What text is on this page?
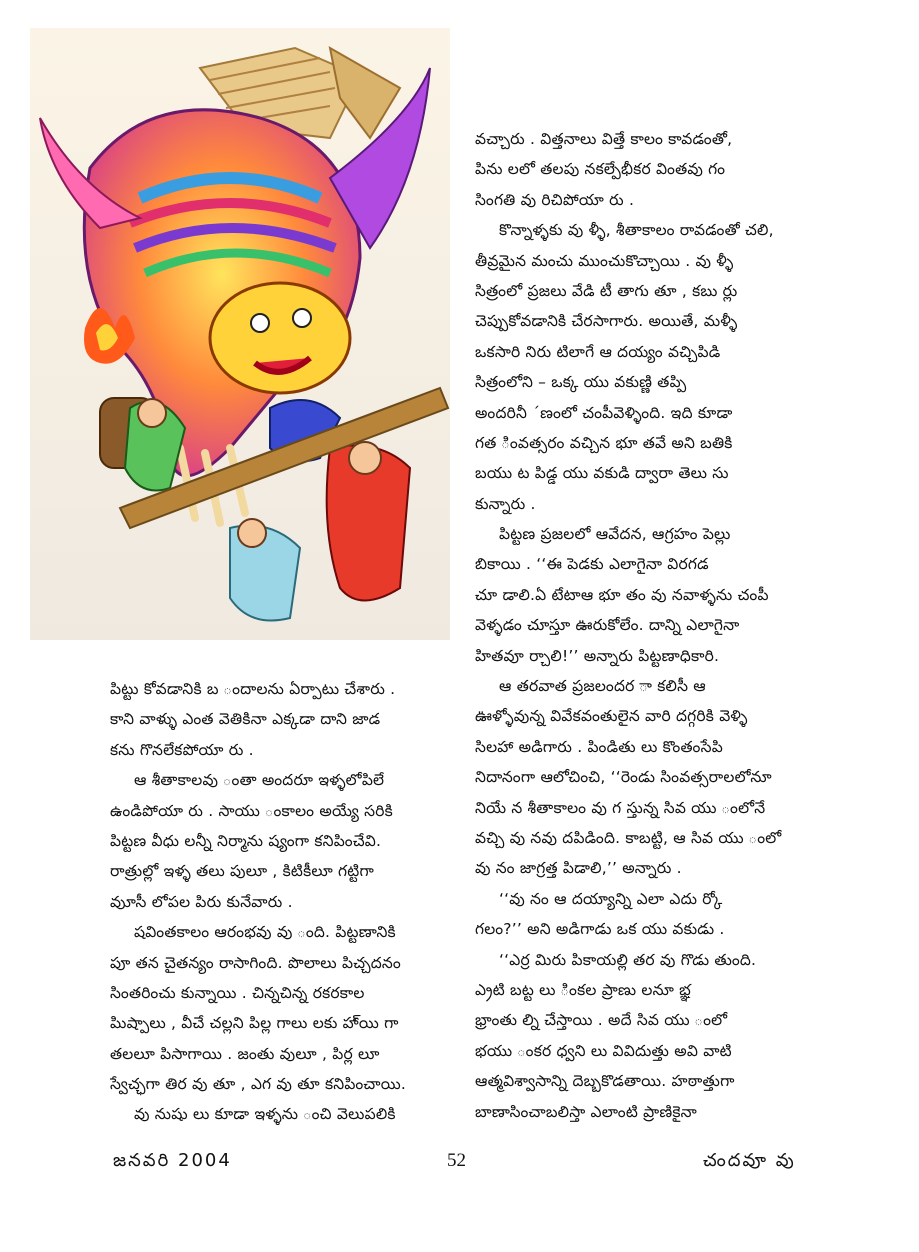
పిట్టు కోవడానికి బ ందాలను ఏర్పాటు చేశారు .
కాని వాళ్ళు ఎంత వెతికినా ఎక్కడా దాని జాడ
కను గొనలేకపోయా రు .
ఆ శీతాకాలవు ంతా అందరూ ఇళ్ళలోపిలే
ఉండిపోయా రు . సాయు ంకాలం అయ్యే సరికి
పిట్టణ వీధు లన్నీ నిర్మాను ష్యంగా కనిపించేవి.
రాత్రుల్లో ఇళ్ళ తలు పులూ , కిటికీలూ గట్టిగా
వుూసీ లోపల పిరు కునేవారు .
షవింతకాలం ఆరంభవు వు ంది. పిట్టణానికి
పూ తన చైతన్యం రాసాగింది. పొలాలు పిచ్చదనం
సింతరించు కున్నాయి . చిన్నచిన్న రకరకాల
పిుష్పాలు , వీచే చల్లని పిల్ల గాలు లకు హా్యి గా
తలలూ పిసాగాయి . జంతు వులూ , పిర్ల లూ
స్వేచ్ఛగా తిర వు తూ , ఎగ వు తూ కనిపించాయి.
వు నుషు లు కూడా ఇళ్ళను ంచి వెలుపలికి
వచ్చారు . విత్తనాలు విత్తే కాలం కావడంతో,
పిను లలో తలపు నకల్పేభీకర వింతవు గం
సింగతి వు రిచిపోయా రు .
కొన్నాళ్ళకు వు ళ్ళీ, శీతాకాలం రావడంతో చలి,
తీవ్రమైన మంచు ముంచుకొచ్చాయి . వు ళ్ళీ
సిత్రంలో ప్రజలు వేడి టీ తాగు తూ , కబు ర్లు
చెప్పుకోవడానికి చేరసాగారు. అయితే, మళ్ళీ
ఒకసారి నిరు టిలాగే ఆ దయ్యం వచ్చిపిడి
సిత్రంలోని – ఒక్క యు వకుణ్ణి తప్పి
అందరినీ ˊణంలో చంపీవెళ్ళింది. ఇది కూడా
గత ింవత్సరం వచ్చిన భూ తవే అని బతికి
బయు ట పిడ్డ యు వకుడి ద్వారా తెలు సు
కున్నారు .
పిట్టణ ప్రజలలో ఆవేదన, ఆగ్రహం పెల్లు
బికాయి . ‘‘ఈ పెడకు ఎలాగైనా విరగడ
చూ డాలి.ఏ టేటాఆ భూ తం వు నవాళ్ళను చంపీ
వెళ్ళడం చూస్తూ ఊరుకోలేం. దాన్ని ఎలాగైనా
హితవూ ర్చాలి!’’ అన్నారు పిట్టణాధికారి.
ఆ తరవాత ప్రజలందర ా కలిసీ ఆ
ఊళ్ళోవున్న వివేకవంతులైన వారి దగ్గరికి వెళ్ళి
సిలహా అడిగారు . పిండితు లు కొంతంసేపి
నిదానంగా ఆలోచించి, ‘‘రెండు సింవత్సరాలలోనూ
నియే న శీతాకాలం వు గ స్తున్న సివ యు ంలోనే
వచ్చి వు నవు దపిడింది. కాబట్టి, ఆ సివ యు ంలో
వు నం జాగ్రత్త పిడాలి,’’ అన్నారు .
‘‘వు నం ఆ దయ్యాన్ని ఎలా ఎదు ర్కో
గలం?’’ అని అడిగాడు ఒక యు వకుడు .
‘‘ఎర్ర మిరు పికాయల్లి తర వు గొడు తుంది.
ఎ్రటి బట్ట లు ింకల ప్రాణు లనూ భ్ఞ
భ్రాంతు ల్ని చేస్తాయి . అదే సివ యు ంలో
భయు ంకర ధ్వని లు వివిదుత్తు అవి వాటి
ఆత్మవిశ్వాసాన్ని దెబ్బకొడతాయి. హఠాత్తుగా
బాణాసించాబలిస్తా ఎలాంటి ప్రాణికైనా
జనవరి 2004	52	చందవూ వు
